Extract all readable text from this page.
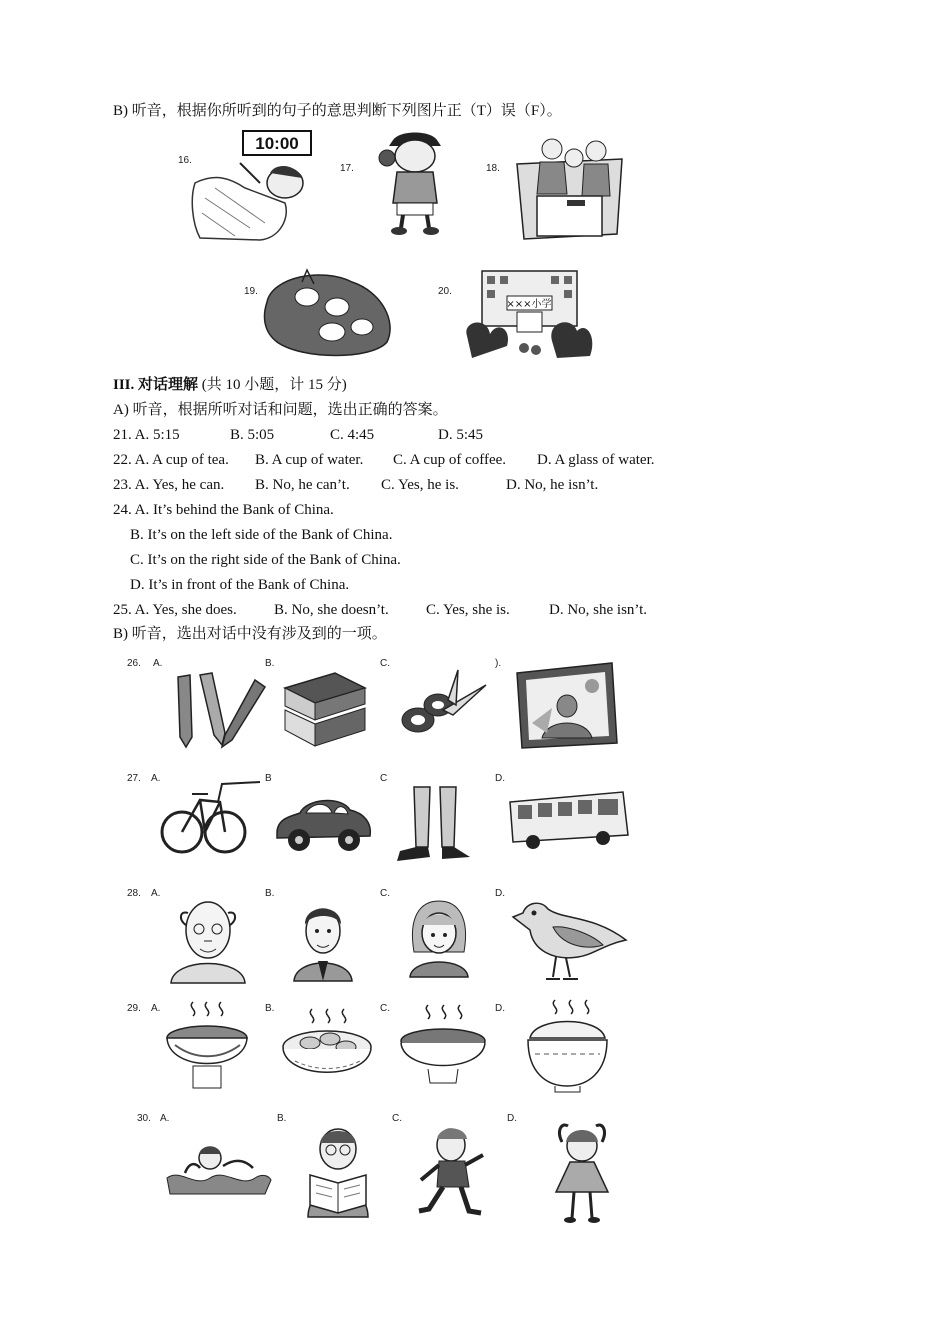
B) 听音，根据你所听到的句子的意思判断下列图片正（T）误（F）。
16.
10:00
17.	18.
19.	20.
×××小学
III. 对话理解 (共 10 小题，计 15 分)
A) 听音，根据所听对话和问题，选出正确的答案。
21. A. 5:15	B. 5:05	C. 4:45	D. 5:45
22. A. A cup of tea. B. A cup of water. C. A cup of coffee. D. A glass of water.
23. A. Yes, he can. B. No, he can’t. C. Yes, he is.	D. No, he isn’t.
24. A. It’s behind the Bank of China.
B. It’s on the left side of the Bank of China.
C. It’s on the right side of the Bank of China.
D. It’s in front of the Bank of China.
25. A. Yes, she does. B. No, she doesn’t. C. Yes, she is.	D. No, she isn’t.
B) 听音，选出对话中没有涉及到的一项。
26. A.	B.	C.	).
27. A.	B	C	D.
28. A.	B.	C.	D.
29. A.	B.	C.	D.
30. A.	B.	C.	D.
